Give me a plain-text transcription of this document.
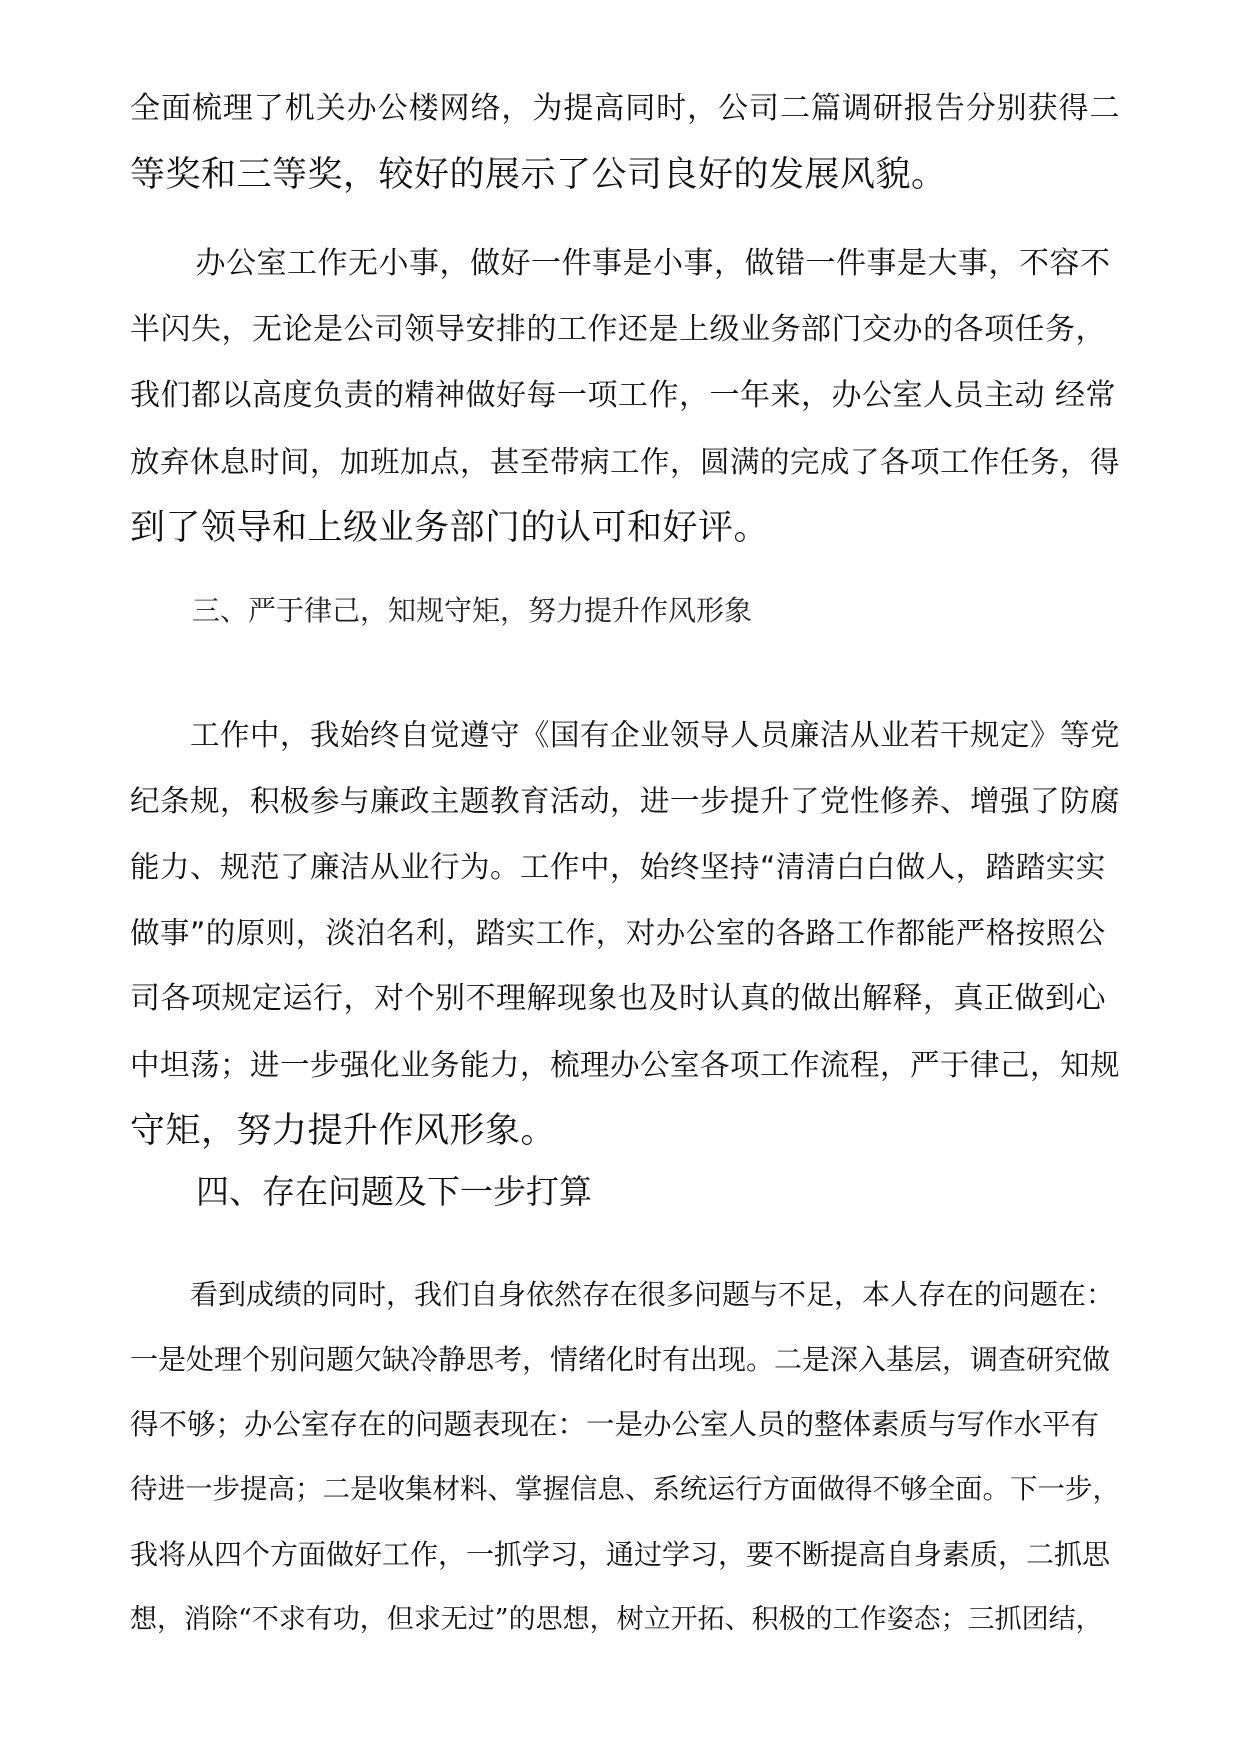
全面梳理了机关办公楼网络，为提高同时，公司二篇调研报告分别获得二
等奖和三等奖，较好的展示了公司良好的发展风貌。
　办公室工作无小事，做好一件事是小事，做错一件事是大事，不容不
半闪失，无论是公司领导安排的工作还是上级业务部门交办的各项任务，
我们都以高度负责的精神做好每一项工作，一年来，办公室人员主动 经常
放弃休息时间，加班加点，甚至带病工作，圆满的完成了各项工作任务，得
到了领导和上级业务部门的认可和好评。
三、严于律己，知规守矩，努力提升作风形象
工作中，我始终自觉遵守《国有企业领导人员廉洁从业若干规定》等党
纪条规，积极参与廉政主题教育活动，进一步提升了党性修养、增强了防腐
能力、规范了廉洁从业行为。工作中，始终坚持“清清白白做人，踏踏实实
做事”的原则，淡泊名利，踏实工作，对办公室的各路工作都能严格按照公
司各项规定运行，对个别不理解现象也及时认真的做出解释，真正做到心
中坦荡；进一步强化业务能力，梳理办公室各项工作流程，严于律己，知规
守矩，努力提升作风形象。
四、存在问题及下一步打算
看到成绩的同时，我们自身依然存在很多问题与不足，本人存在的问题在：
一是处理个别问题欠缺冷静思考，情绪化时有出现。二是深入基层，调查研究做
得不够；办公室存在的问题表现在：一是办公室人员的整体素质与写作水平有
待进一步提高；二是收集材料、掌握信息、系统运行方面做得不够全面。下一步，
我将从四个方面做好工作，一抓学习，通过学习，要不断提高自身素质，二抓思
想，消除“不求有功，但求无过”的思想，树立开拓、积极的工作姿态；三抓团结，
